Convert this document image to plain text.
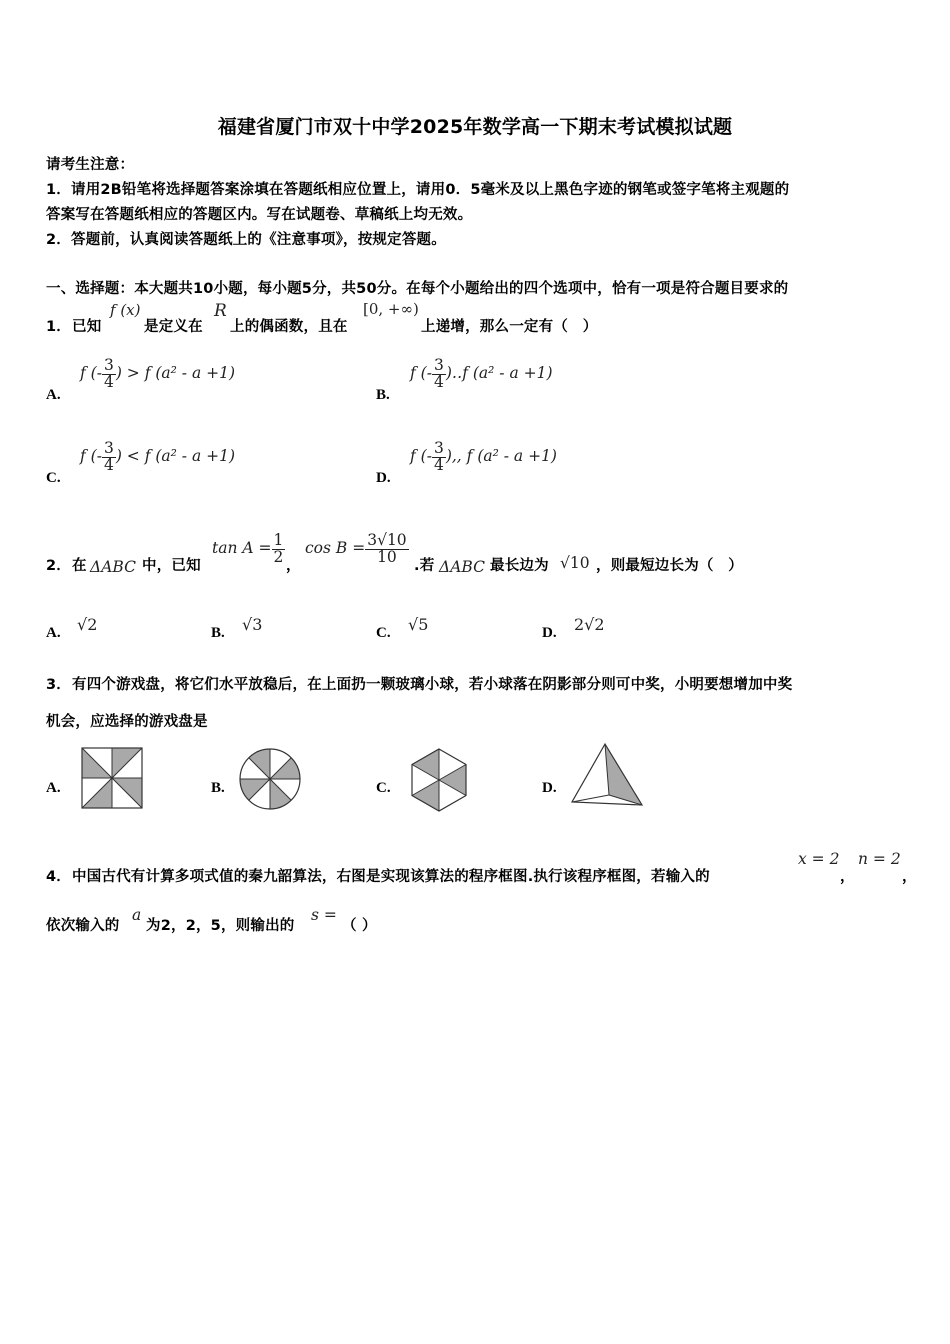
福建省厦门市双十中学2025年数学高一下期末考试模拟试题
请考生注意：
1．请用2B铅笔将选择题答案涂填在答题纸相应位置上，请用0．5毫米及以上黑色字迹的钢笔或签字笔将主观题的
答案写在答题纸相应的答题区内。写在试题卷、草稿纸上均无效。
2．答题前，认真阅读答题纸上的《注意事项》，按规定答题。
一、选择题：本大题共10小题，每小题5分，共50分。在每个小题给出的四个选项中，恰有一项是符合题目要求的
1． 已知
f (x)
是定义在
R
上的偶函数，且在
[0, +∞)
上递增，那么一定有（　）
A.
f (- $\frac{3}{4}$ ) > f (a² - a +1)
B.
f (- $\frac{3}{4}$ )‥f (a² - a +1)
C.
f (- $\frac{3}{4}$ ) < f (a² - a +1)
D.
f (- $\frac{3}{4}$ ),, f (a² - a +1)
2． 在 ΔABC 中，已知
$\tan A = \frac{1}{2}$
，
$\cos B = \frac{3√10}{10}$
.若 ΔABC 最长边为 √10 ，则最短边长为（　）
A. √2	B. √3	C. √5	D. 2√2
3． 有四个游戏盘，将它们水平放稳后，在上面扔一颗玻璃小球，若小球落在阴影部分则可中奖，小明要想增加中奖
机会，应选择的游戏盘是
A.	B.	C.	D.
4． 中国古代有计算多项式值的秦九韶算法，右图是实现该算法的程序框图.执行该程序框图，若输入的
x = 2
，
n = 2
，
依次输入的
a
为2，2，5，则输出的
s =
（ ）
